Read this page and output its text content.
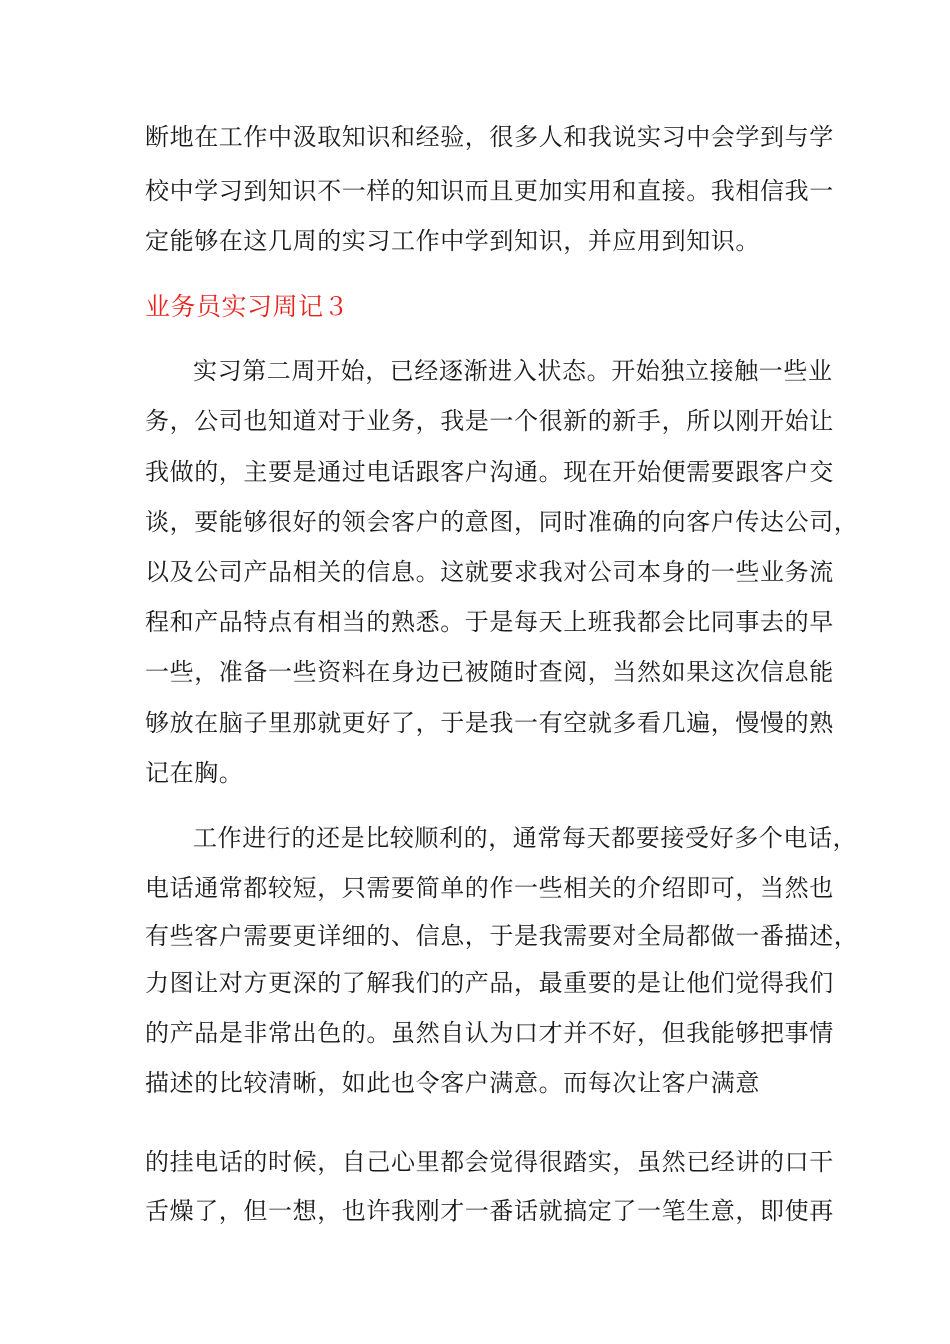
断地在工作中汲取知识和经验，很多人和我说实习中会学到与学
校中学习到知识不一样的知识而且更加实用和直接。我相信我一
定能够在这几周的实习工作中学到知识，并应用到知识。
业务员实习周记３
实习第二周开始，已经逐渐进入状态。开始独立接触一些业
务，公司也知道对于业务，我是一个很新的新手，所以刚开始让
我做的，主要是通过电话跟客户沟通。现在开始便需要跟客户交
谈，要能够很好的领会客户的意图，同时准确的向客户传达公司，
以及公司产品相关的信息。这就要求我对公司本身的一些业务流
程和产品特点有相当的熟悉。于是每天上班我都会比同事去的早
一些，准备一些资料在身边已被随时查阅，当然如果这次信息能
够放在脑子里那就更好了，于是我一有空就多看几遍，慢慢的熟
记在胸。
工作进行的还是比较顺利的，通常每天都要接受好多个电话，
电话通常都较短，只需要简单的作一些相关的介绍即可，当然也
有些客户需要更详细的、信息，于是我需要对全局都做一番描述，
力图让对方更深的了解我们的产品，最重要的是让他们觉得我们
的产品是非常出色的。虽然自认为口才并不好，但我能够把事情
描述的比较清晰，如此也令客户满意。而每次让客户满意
的挂电话的时候，自己心里都会觉得很踏实，虽然已经讲的口干
舌燥了，但一想，也许我刚才一番话就搞定了一笔生意，即使再
